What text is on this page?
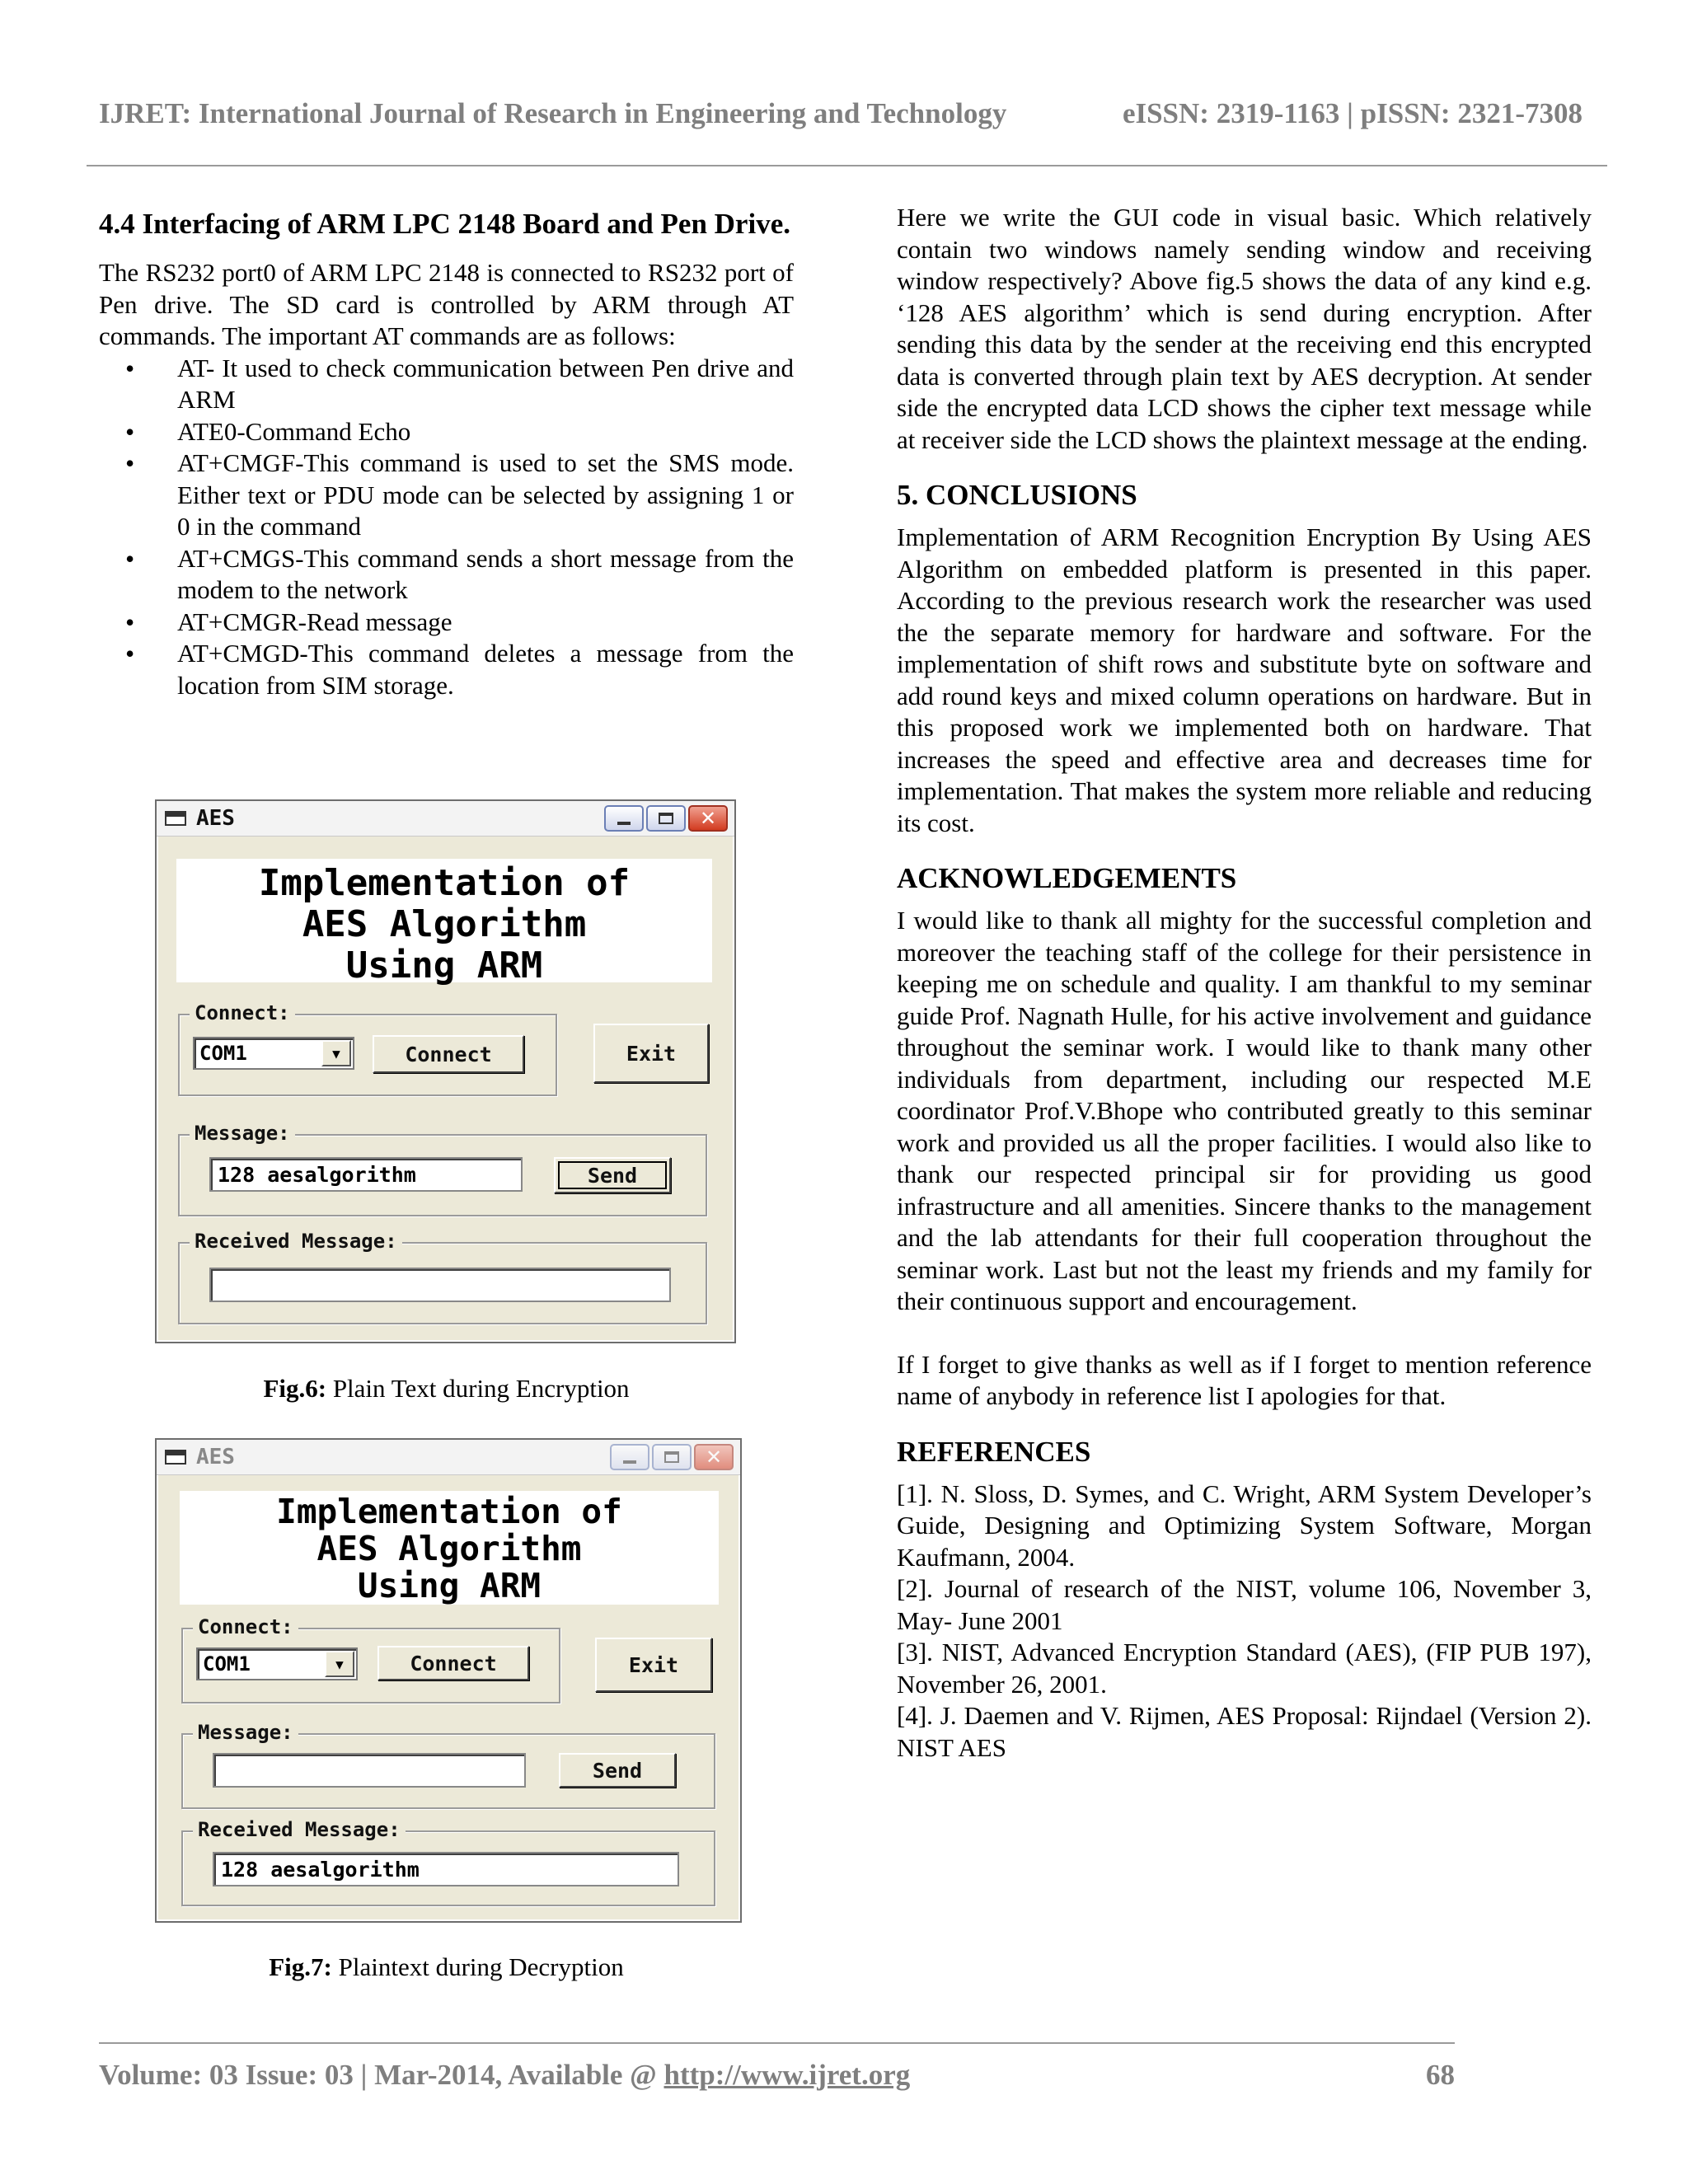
IJRET: International Journal of Research in Engineering and Technology	eISSN: 2319-1163 | pISSN: 2321-7308
4.4 Interfacing of ARM LPC 2148 Board and Pen Drive.

The RS232 port0 of ARM LPC 2148 is connected to RS232 port of Pen drive. The SD card is controlled by ARM through AT commands. The important AT commands are as follows:

• AT- It used to check communication between Pen drive and ARM
• ATE0-Command Echo
• AT+CMGF-This command is used to set the SMS mode. Either text or PDU mode can be selected by assigning 1 or 0 in the command
• AT+CMGS-This command sends a short message from the modem to the network
• AT+CMGR-Read message
• AT+CMGD-This command deletes a message from the location from SIM storage.
AES	✕
Implementation of
AES Algorithm
Using ARM
Connect:
COM1	▼	Connect	Exit
Message:
128 aesalgorithm	Send
Received Message:
Fig.6: Plain Text during Encryption
AES	✕
Implementation of
AES Algorithm
Using ARM
Connect:
COM1	▼	Connect	Exit
Message:
Send
Received Message:
128 aesalgorithm
Fig.7: Plaintext during Decryption

Here we write the GUI code in visual basic. Which relatively contain two windows namely sending window and receiving window respectively? Above fig.5 shows the data of any kind e.g. ‘128 AES algorithm’ which is send during encryption. After sending this data by the sender at the receiving end this encrypted data is converted through plain text by AES decryption. At sender side the encrypted data LCD shows the cipher text message while at receiver side the LCD shows the plaintext message at the ending.

5. CONCLUSIONS

Implementation of ARM Recognition Encryption By Using AES Algorithm on embedded platform is presented in this paper. According to the previous research work the researcher was used the the separate memory for hardware and software. For the implementation of shift rows and substitute byte on software and add round keys and mixed column operations on hardware. But in this proposed work we implemented both on hardware. That increases the speed and effective area and decreases time for implementation. That makes the system more reliable and reducing its cost.

ACKNOWLEDGEMENTS

I would like to thank all mighty for the successful completion and moreover the teaching staff of the college for their persistence in keeping me on schedule and quality. I am thankful to my seminar guide Prof. Nagnath Hulle, for his active involvement and guidance throughout the seminar work. I would like to thank many other individuals from department, including our respected M.E coordinator Prof.V.Bhope who contributed greatly to this seminar work and provided us all the proper facilities. I would also like to thank our respected principal sir for providing us good infrastructure and all amenities. Sincere thanks to the management and the lab attendants for their full cooperation throughout the seminar work. Last but not the least my friends and my family for their continuous support and encouragement.

If I forget to give thanks as well as if I forget to mention reference name of anybody in reference list I apologies for that.

REFERENCES

[1]. N. Sloss, D. Symes, and C. Wright, ARM System Developer’s Guide, Designing and Optimizing System Software, Morgan Kaufmann, 2004.

[2]. Journal of research of the NIST, volume 106, November 3, May- June 2001

[3]. NIST, Advanced Encryption Standard (AES), (FIP PUB 197), November 26, 2001.

[4]. J. Daemen and V. Rijmen, AES Proposal: Rijndael (Version 2). NIST AES

Volume: 03 Issue: 03 | Mar-2014, Available @ http://www.ijret.org	68
